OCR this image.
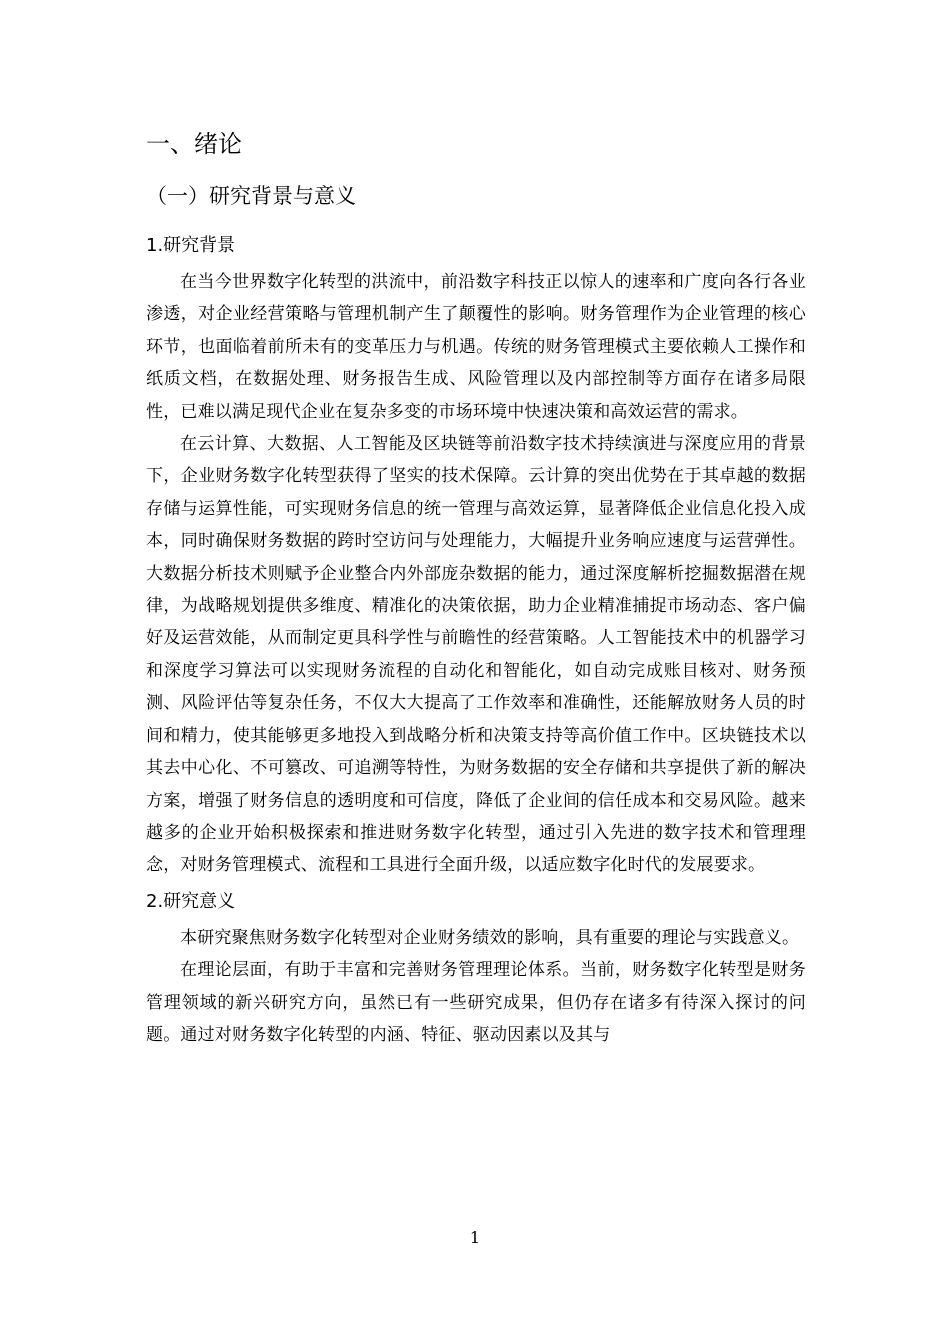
一、绪论
（一）研究背景与意义
1.研究背景

在当今世界数字化转型的洪流中，前沿数字科技正以惊人的速率和广度向各行各业渗透，对企业经营策略与管理机制产生了颠覆性的影响。财务管理作为企业管理的核心环节，也面临着前所未有的变革压力与机遇。传统的财务管理模式主要依赖人工操作和纸质文档，在数据处理、财务报告生成、风险管理以及内部控制等方面存在诸多局限性，已难以满足现代企业在复杂多变的市场环境中快速决策和高效运营的需求。

在云计算、大数据、人工智能及区块链等前沿数字技术持续演进与深度应用的背景下，企业财务数字化转型获得了坚实的技术保障。云计算的突出优势在于其卓越的数据存储与运算性能，可实现财务信息的统一管理与高效运算，显著降低企业信息化投入成本，同时确保财务数据的跨时空访问与处理能力，大幅提升业务响应速度与运营弹性。大数据分析技术则赋予企业整合内外部庞杂数据的能力，通过深度解析挖掘数据潜在规律，为战略规划提供多维度、精准化的决策依据，助力企业精准捕捉市场动态、客户偏好及运营效能，从而制定更具科学性与前瞻性的经营策略。人工智能技术中的机器学习和深度学习算法可以实现财务流程的自动化和智能化，如自动完成账目核对、财务预测、风险评估等复杂任务，不仅大大提高了工作效率和准确性，还能解放财务人员的时间和精力，使其能够更多地投入到战略分析和决策支持等高价值工作中。区块链技术以其去中心化、不可篡改、可追溯等特性，为财务数据的安全存储和共享提供了新的解决方案，增强了财务信息的透明度和可信度，降低了企业间的信任成本和交易风险。越来越多的企业开始积极探索和推进财务数字化转型，通过引入先进的数字技术和管理理念，对财务管理模式、流程和工具进行全面升级，以适应数字化时代的发展要求。

2.研究意义

本研究聚焦财务数字化转型对企业财务绩效的影响，具有重要的理论与实践意义。

在理论层面，有助于丰富和完善财务管理理论体系。当前，财务数字化转型是财务管理领域的新兴研究方向，虽然已有一些研究成果，但仍存在诸多有待深入探讨的问题。通过对财务数字化转型的内涵、特征、驱动因素以及其与

1
